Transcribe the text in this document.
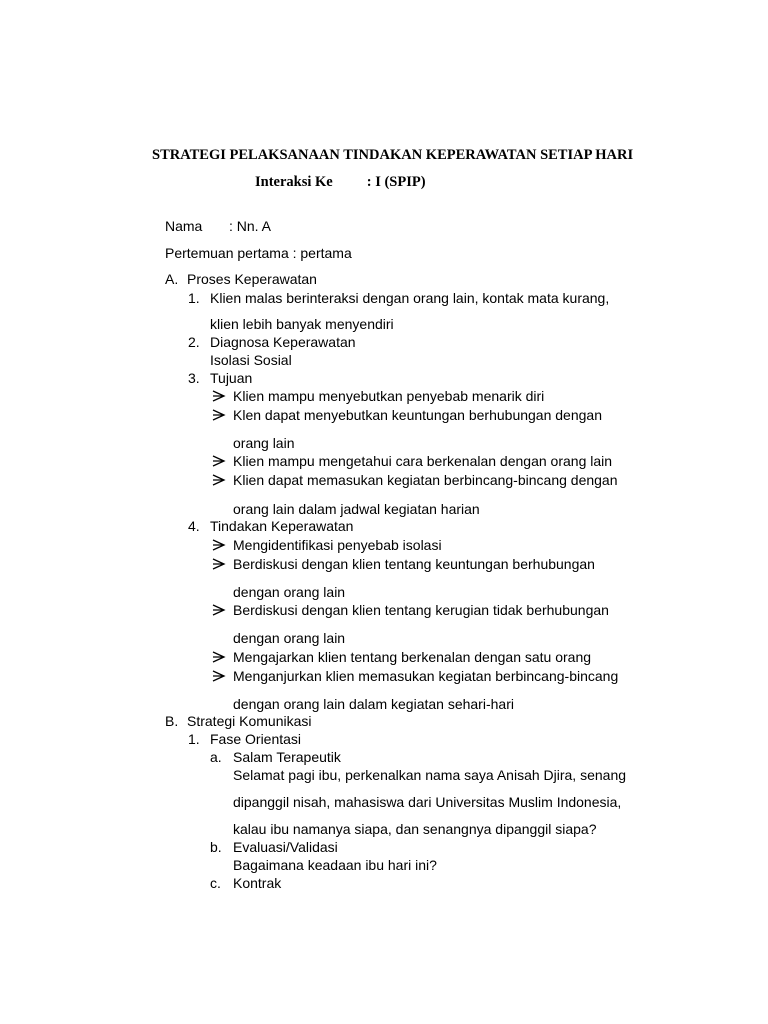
STRATEGI PELAKSANAAN TINDAKAN KEPERAWATAN SETIAP HARI
Interaksi Ke : I (SPIP)
Nama : Nn. A
Pertemuan pertama : pertama
A. Proses Keperawatan
1. Klien malas berinteraksi dengan orang lain, kontak mata kurang,
klien lebih banyak menyendiri
2. Diagnosa Keperawatan
Isolasi Sosial
3. Tujuan
Klien mampu menyebutkan penyebab menarik diri
Klen dapat menyebutkan keuntungan berhubungan dengan
orang lain
Klien mampu mengetahui cara berkenalan dengan orang lain
Klien dapat memasukan kegiatan berbincang-bincang dengan
orang lain dalam jadwal kegiatan harian
4. Tindakan Keperawatan
Mengidentifikasi penyebab isolasi
Berdiskusi dengan klien tentang keuntungan berhubungan
dengan orang lain
Berdiskusi dengan klien tentang kerugian tidak berhubungan
dengan orang lain
Mengajarkan klien tentang berkenalan dengan satu orang
Menganjurkan klien memasukan kegiatan berbincang-bincang
dengan orang lain dalam kegiatan sehari-hari
B. Strategi Komunikasi
1. Fase Orientasi
a. Salam Terapeutik
Selamat pagi ibu, perkenalkan nama saya Anisah Djira, senang
dipanggil nisah, mahasiswa dari Universitas Muslim Indonesia,
kalau ibu namanya siapa, dan senangnya dipanggil siapa?
b. Evaluasi/Validasi
Bagaimana keadaan ibu hari ini?
c. Kontrak
